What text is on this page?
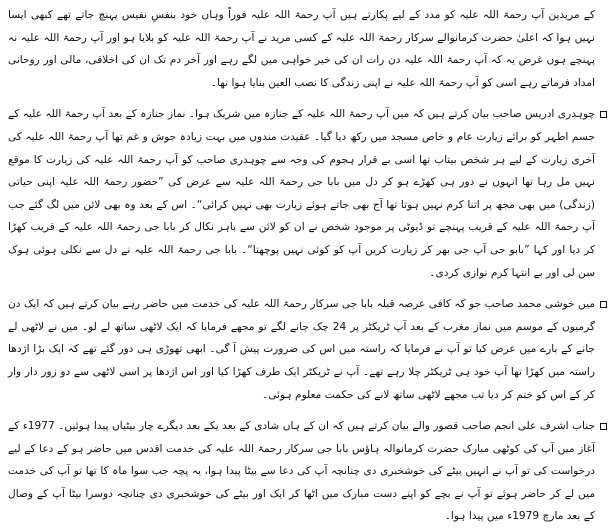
کے مریدین آپ رحمۃ اللہ علیہ کو مدد کے لیے پکارتے ہیں آپ رحمۃ اللہ علیہ فوراً وہاں خود بنفسِ نفیس پہنچ جاتے تھے کبھی ایسا نہیں ہوا کہ اعلیٰ حضرت کرمانوالے سرکار رحمۃ اللہ علیہ کے کسی مرید نے آپ رحمۃ اللہ علیہ کو بلایا ہو اور آپ رحمۃ اللہ علیہ نہ پہنچے ہوں غرض یہ کہ آپ رحمۃ اللہ علیہ دن رات ان کی خیر خواہی میں لگے رہے اور آخر دم تک ان کی اخلاقی، مالی اور روحانی امداد فرماتے رہے اسی کو آپ رحمۃ اللہ علیہ نے اپنی زندگی کا نصب العین بنایا ہوا تھا۔

چوہدری ادریس صاحب بیان کرتے ہیں کہ میں آپ رحمۃ اللہ علیہ کے جنازہ میں شریک ہوا۔ نماز جنازہ کے بعد آپ رحمۃ اللہ علیہ کے جسم اطہر کو برائے زیارت عام و خاص مسجد میں رکھ دیا گیا۔ عقیدت مندوں میں بہت زیادہ جوش و غم تھا آپ رحمۃ اللہ علیہ کی آخری زیارت کے لیے ہر شخص بیتاب تھا اسی بے قرار ہجوم کی وجہ سے چوہدری صاحب کو آپ رحمۃ اللہ علیہ کی زیارت کا موقع نہیں مل رہا تھا انہوں نے دور ہی کھڑے ہو کر دل میں بابا جی رحمۃ اللہ علیہ سے عرض کی ”حضور رحمۃ اللہ علیہ اپنی حیاتی (زندگی) میں بھی مجھ پر اتنا کرم نہیں ہوتا تھا آج بھی جاتے ہوئے زیارت بھی نہیں کرائی“۔ اس کے بعد وہ بھی لائن میں لگ گئے جب آپ رحمۃ اللہ علیہ کے قریب پہنچے تو ڈیوٹی پر موجود شخص نے ان کو لائن سے باہر نکال کر بابا جی رحمۃ اللہ علیہ کے قریب کھڑا کر دیا اور کہا ”بابو جی آپ جی بھر کر زیارت کریں آپ کو کوئی نہیں پوچھتا“۔ بابا جی رحمۃ اللہ علیہ نے دل سے نکلی ہوئی ہوک سن لی اور بے انتہا کرم نوازی کردی۔

میں خوشی محمد صاحب جو کہ کافی عرصہ قبلہ بابا جی سرکار رحمۃ اللہ علیہ کی خدمت میں حاضر رہے بیان کرتے ہیں کہ ایک دن گرمیوں کے موسم میں نماز مغرب کے بعد آپ ٹریکٹر پر 24 چک جانے لگے تو مجھے فرمایا کہ ایک لاٹھی ساتھ لے لو۔ میں نے لاٹھی لے جانے کے بارے میں عرض کیا تو آپ نے فرمایا کہ راستہ میں اس کی ضرورت پیش آ گی۔ ابھی تھوڑی ہی دور گئے تھے کہ ایک بڑا اژدھا راستہ میں کھڑا تھا آپ خود ہی ٹریکٹر چلا رہے تھے۔ آپ نے ٹریکٹر ایک طرف کھڑا کیا اور اس اژدھا پر اسی لاٹھی سے دو زور دار وار کر کے اس کو ختم کر دیا تب مجھے لاٹھی ساتھ لانے کی حکمت معلوم ہوئی۔

جناب اشرف علی انجم صاحب قصور والے بیان کرتے ہیں کہ ان کے ہاں شادی کے بعد یکے بعد دیگرے چار بیٹیاں پیدا ہوئیں۔ 1977ء کے آغاز میں آپ کی کوٹھی مبارک حضرت کرمانوالہ ہاؤس بابا جی سرکار رحمۃ اللہ علیہ کی خدمت اقدس میں حاضر ہو کے دعا کے لیے درخواست کی تو آپ نے انہیں بیٹے کی خوشخبری دی چنانچہ آپ کی دعا سے بیٹا پیدا ہوا، یہ پچہ جب سوا ماہ کا تھا تو آپ کی خدمت میں لے کر حاضر ہوئے تو آپ نے بچے کو اپنے دست مبارک میں اٹھا کر ایک اور بیٹے کی خوشخبری دی چنانچہ دوسرا بیٹا آپ کے وصال کے بعد مارچ 1979ء میں پیدا ہوا۔
